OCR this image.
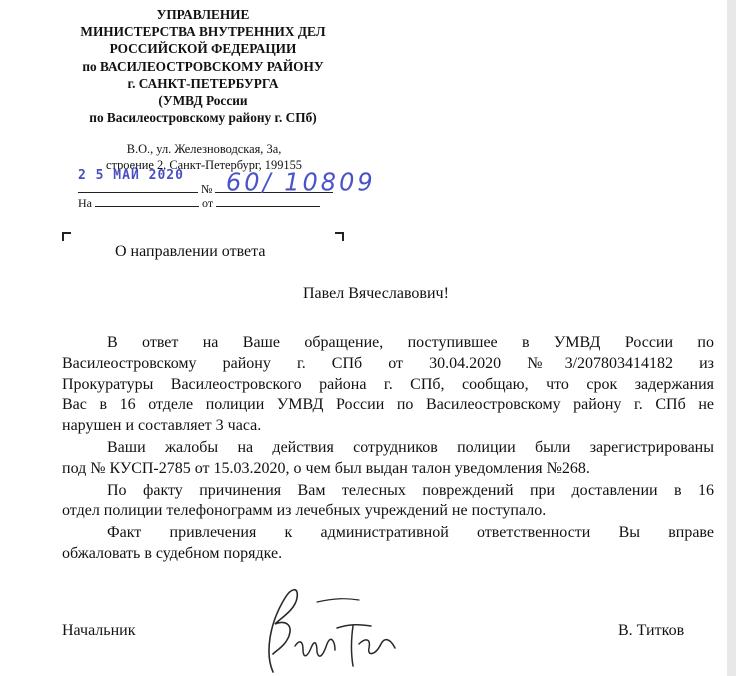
УПРАВЛЕНИЕ
МИНИСТЕРСТВА ВНУТРЕННИХ ДЕЛ
РОССИЙСКОЙ ФЕДЕРАЦИИ
по ВАСИЛЕОСТРОВСКОМУ РАЙОНУ
г. САНКТ-ПЕТЕРБУРГА
(УМВД России
по Василеостровскому району г. СПб)
В.О., ул. Железноводская, 3а,
строение 2, Санкт-Петербург, 199155
№
На	от
2 5 МАЙ 2020 60/ 10809
О направлении ответа
Павел Вячеславович!
В ответ на Ваше обращение, поступившее в УМВД России по
Василеостровскому району г. СПб от 30.04.2020 №3/207803414182 из
Прокуратуры Василеостровского района г. СПб, сообщаю, что срок задержания
Вас в 16 отделе полиции УМВД России по Василеостровскому району г. СПб не
нарушен и составляет 3 часа.
Ваши жалобы на действия сотрудников полиции были зарегистрированы
под № КУСП-2785 от 15.03.2020, о чем был выдан талон уведомления №268.
По факту причинения Вам телесных повреждений при доставлении в 16
отдел полиции телефонограмм из лечебных учреждений не поступало.
Факт привлечения к административной ответственности Вы вправе
обжаловать в судебном порядке.
Начальник	В. Титков
